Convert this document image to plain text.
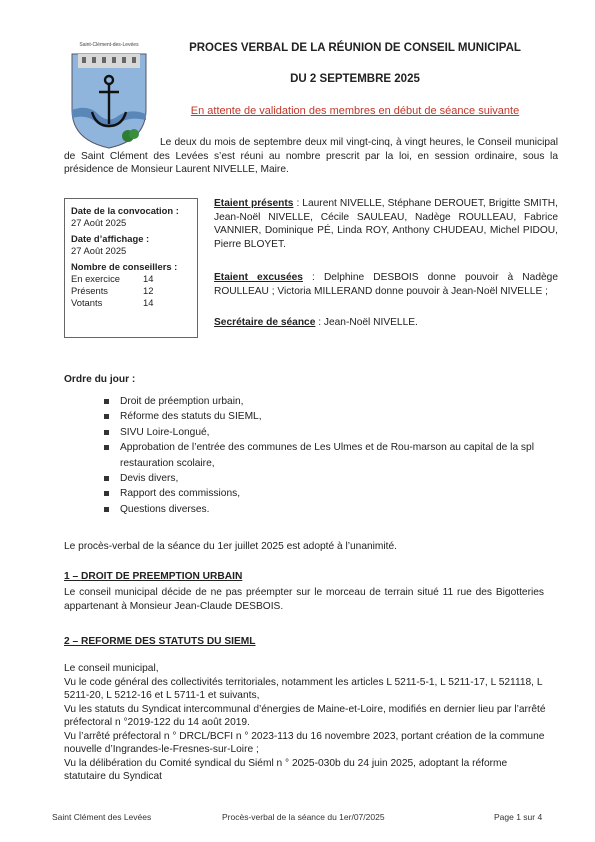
Saint-Clément-des-Levées	PROCES VERBAL DE LA RÉUNION DE CONSEIL MUNICIPAL
DU 2 SEPTEMBRE 2025
En attente de validation des membres en début de séance suivante
Le deux du mois de septembre deux mil vingt-cinq, à vingt heures, le Conseil municipal de Saint Clément des Levées s’est réuni au nombre prescrit par la loi, en session ordinaire, sous la présidence de Monsieur Laurent NIVELLE, Maire.
Date de la convocation :
27 Août 2025
Date d’affichage :
27 Août 2025
Nombre de conseillers :
En exercice	14
Présents	12
Votants	14
Etaient présents : Laurent NIVELLE, Stéphane DEROUET, Brigitte SMITH, Jean-Noël NIVELLE, Cécile SAULEAU, Nadège ROULLEAU, Fabrice VANNIER, Dominique PÉ, Linda ROY, Anthony CHUDEAU, Michel PIDOU, Pierre BLOYET.
Etaient excusées : Delphine DESBOIS donne pouvoir à Nadège ROULLEAU ; Victoria MILLERAND donne pouvoir à Jean-Noël NIVELLE ;
Secrétaire de séance : Jean-Noël NIVELLE.
Ordre du jour :
Droit de préemption urbain,
Réforme des statuts du SIEML,
SIVU Loire-Longué,
Approbation de l’entrée des communes de Les Ulmes et de Rou-marson au capital de la spl restauration scolaire,
Devis divers,
Rapport des commissions,
Questions diverses.
Le procès-verbal de la séance du 1er juillet 2025 est adopté à l’unanimité.
1 – DROIT DE PREEMPTION URBAIN
Le conseil municipal décide de ne pas préempter sur le morceau de terrain situé 11 rue des Bigotteries appartenant à Monsieur Jean-Claude DESBOIS.
2 – REFORME DES STATUTS DU SIEML
Le conseil municipal,
Vu le code général des collectivités territoriales, notamment les articles L 5211-5-1, L 5211-17, L 521118, L 5211-20, L 5212-16 et L 5711-1 et suivants,
Vu les statuts du Syndicat intercommunal d’énergies de Maine-et-Loire, modifiés en dernier lieu par l’arrêté préfectoral n °2019-122 du 14 août 2019.
Vu l’arrêté préfectoral n ° DRCL/BCFI n ° 2023-113 du 16 novembre 2023, portant création de la commune nouvelle d’Ingrandes-le-Fresnes-sur-Loire ;
Vu la délibération du Comité syndical du Siéml n ° 2025-030b du 24 juin 2025, adoptant la réforme statutaire du Syndicat
Saint Clément des Levées	Procès-verbal de la séance du 1er/07/2025	Page 1 sur 4
